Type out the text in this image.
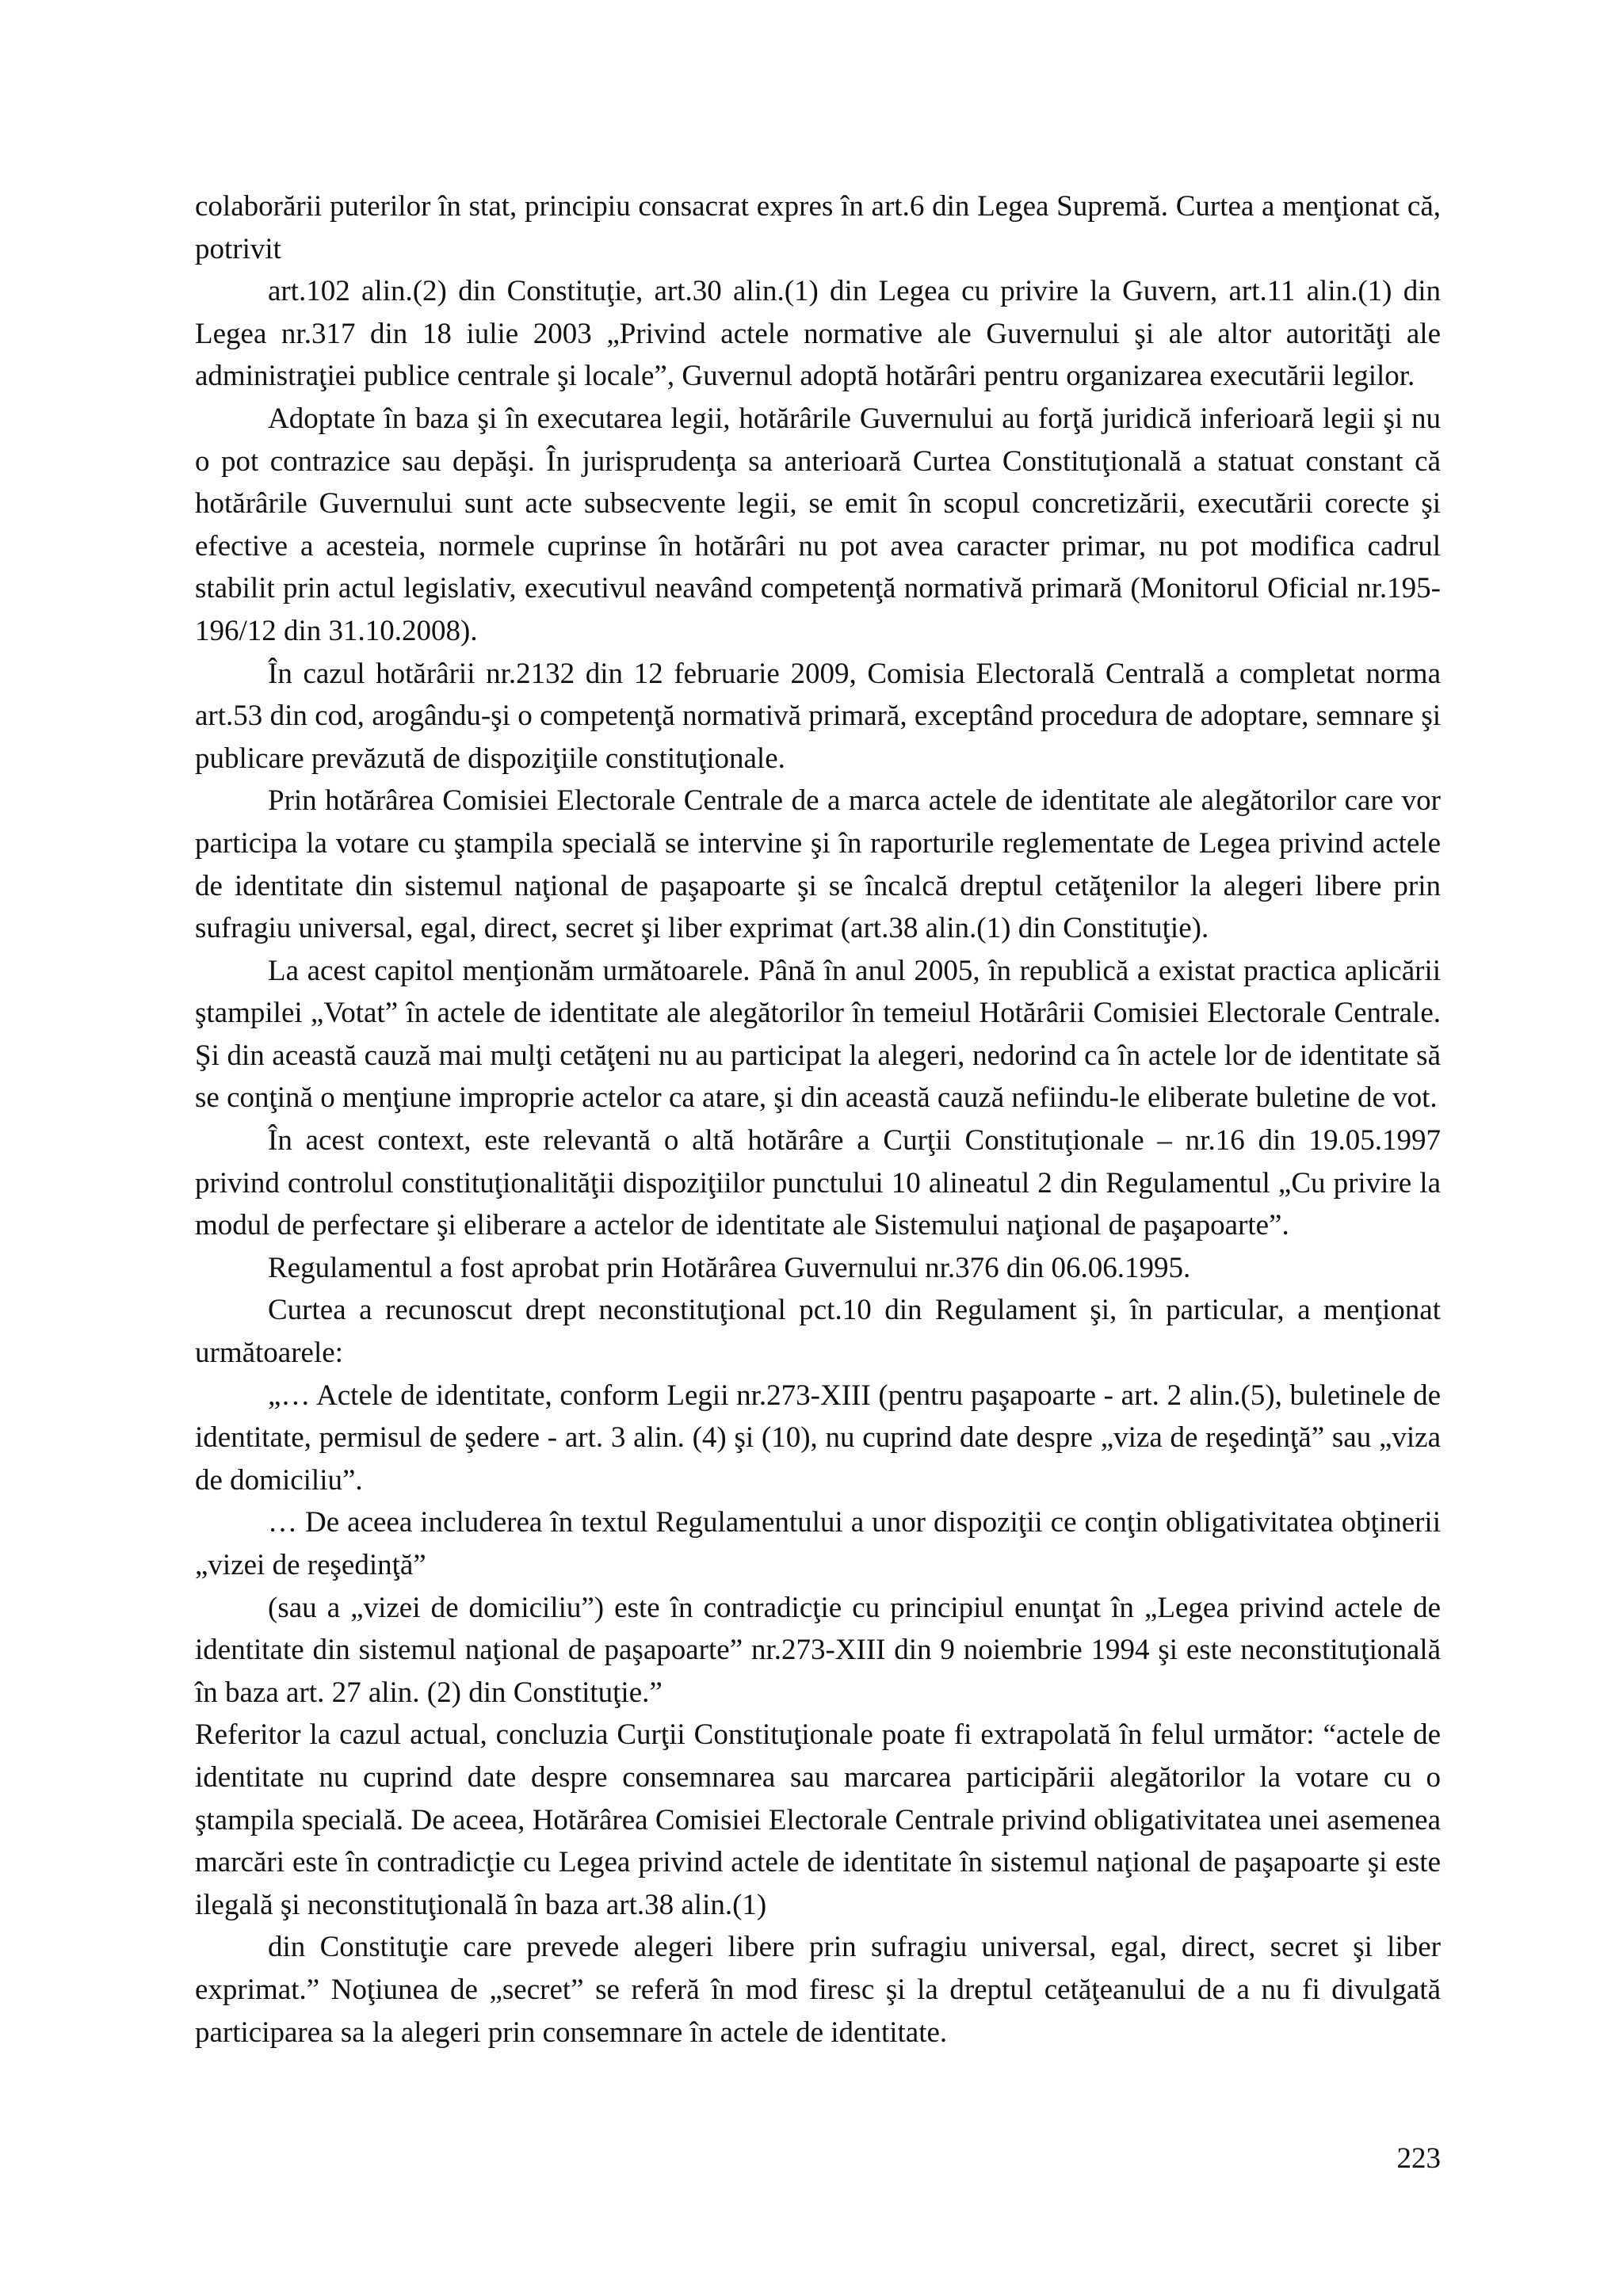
colaborării puterilor în stat, principiu consacrat expres în art.6 din Legea Supremă. Curtea a menţionat că, potrivit

art.102 alin.(2) din Constituţie, art.30 alin.(1) din Legea cu privire la Guvern, art.11 alin.(1) din Legea nr.317 din 18 iulie 2003 „Privind actele normative ale Guvernului şi ale altor autorităţi ale administraţiei publice centrale şi locale”, Guvernul adoptă hotărâri pentru organizarea executării legilor.

Adoptate în baza şi în executarea legii, hotărârile Guvernului au forţă juridică inferioară legii şi nu o pot contrazice sau depăşi. În jurisprudenţa sa anterioară Curtea Constituţională a statuat constant că hotărârile Guvernului sunt acte subsecvente legii, se emit în scopul concretizării, executării corecte şi efective a acesteia, normele cuprinse în hotărâri nu pot avea caracter primar, nu pot modifica cadrul stabilit prin actul legislativ, executivul neavând competenţă normativă primară (Monitorul Oficial nr.195-196/12 din 31.10.2008).

În cazul hotărârii nr.2132 din 12 februarie 2009, Comisia Electorală Centrală a completat norma art.53 din cod, arogându-şi o competenţă normativă primară, exceptând procedura de adoptare, semnare şi publicare prevăzută de dispoziţiile constituţionale.

Prin hotărârea Comisiei Electorale Centrale de a marca actele de identitate ale alegătorilor care vor participa la votare cu ştampila specială se intervine şi în raporturile reglementate de Legea privind actele de identitate din sistemul naţional de paşapoarte şi se încalcă dreptul cetăţenilor la alegeri libere prin sufragiu universal, egal, direct, secret şi liber exprimat (art.38 alin.(1) din Constituţie).

La acest capitol menţionăm următoarele. Până în anul 2005, în republică a existat practica aplicării ştampilei „Votat” în actele de identitate ale alegătorilor în temeiul Hotărârii Comisiei Electorale Centrale. Şi din această cauză mai mulţi cetăţeni nu au participat la alegeri, nedorind ca în actele lor de identitate să se conţină o menţiune improprie actelor ca atare, şi din această cauză nefiindu-le eliberate buletine de vot.

În acest context, este relevantă o altă hotărâre a Curţii Constituţionale – nr.16 din 19.05.1997 privind controlul constituţionalităţii dispoziţiilor punctului 10 alineatul 2 din Regulamentul „Cu privire la modul de perfectare şi eliberare a actelor de identitate ale Sistemului naţional de paşapoarte”.

Regulamentul a fost aprobat prin Hotărârea Guvernului nr.376 din 06.06.1995.

Curtea a recunoscut drept neconstituţional pct.10 din Regulament şi, în particular, a menţionat următoarele:

„… Actele de identitate, conform Legii nr.273-XIII (pentru paşapoarte - art. 2 alin.(5), buletinele de identitate, permisul de şedere - art. 3 alin. (4) şi (10), nu cuprind date despre „viza de reşedinţă” sau „viza de domiciliu”.

… De aceea includerea în textul Regulamentului a unor dispoziţii ce conţin obligativitatea obţinerii „vizei de reşedinţă”

(sau a „vizei de domiciliu”) este în contradicţie cu principiul enunţat în „Legea privind actele de identitate din sistemul naţional de paşapoarte” nr.273-XIII din 9 noiembrie 1994 şi este neconstituţională în baza art. 27 alin. (2) din Constituţie.”

Referitor la cazul actual, concluzia Curţii Constituţionale poate fi extrapolată în felul următor: “actele de identitate nu cuprind date despre consemnarea sau marcarea participării alegătorilor la votare cu o ştampila specială. De aceea, Hotărârea Comisiei Electorale Centrale privind obligativitatea unei asemenea marcări este în contradicţie cu Legea privind actele de identitate în sistemul naţional de paşapoarte şi este ilegală şi neconstituţională în baza art.38 alin.(1)

din Constituţie care prevede alegeri libere prin sufragiu universal, egal, direct, secret şi liber exprimat.” Noţiunea de „secret” se referă în mod firesc şi la dreptul cetăţeanului de a nu fi divulgată participarea sa la alegeri prin consemnare în actele de identitate.

223
